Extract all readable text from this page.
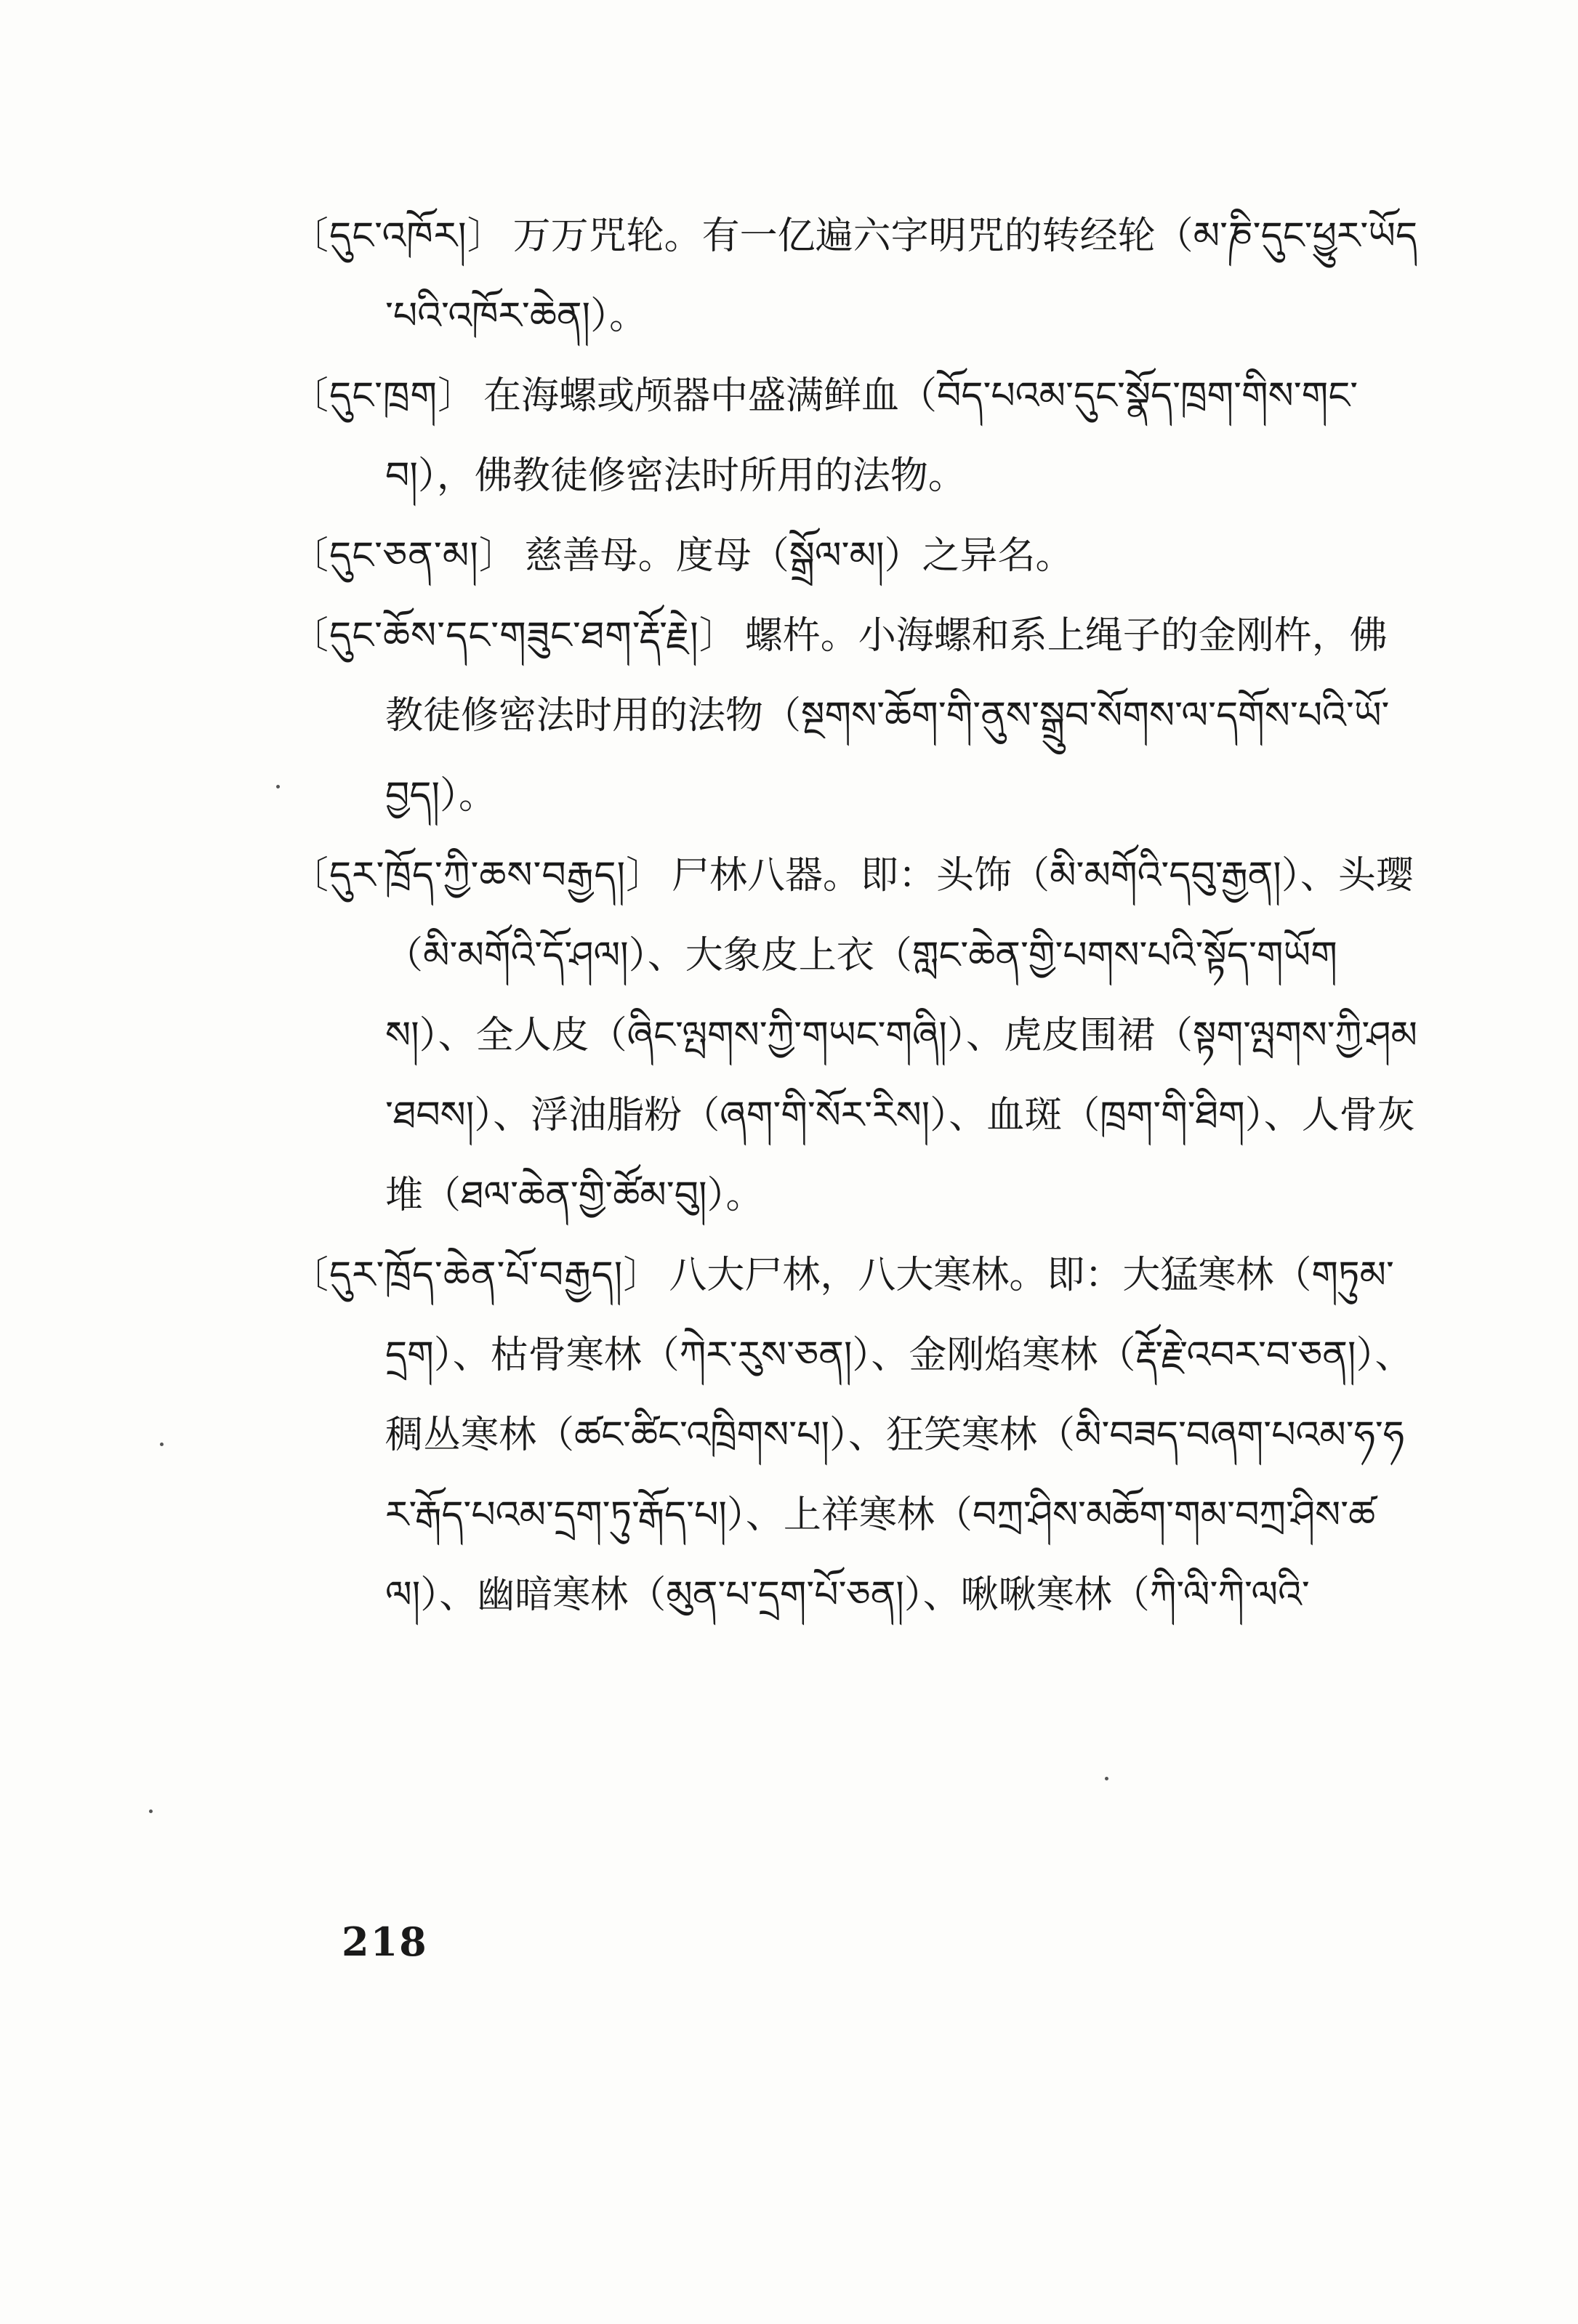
〔དུང་འཁོར།〕 万万咒轮。有一亿遍六字明咒的转经轮（མ་ཎི་དུང་ཕྱུར་ཡོད་པའི་འཁོར་ཆེན།）。

〔དུང་ཁྲག〕 在海螺或颅器中盛满鲜血（བོད་པའམ་དུང་སྣོད་ཁྲག་གིས་གང་བ།），佛教徒修密法时所用的法物。

〔དུང་ཅན་མ།〕 慈善母。度母（སྒྲོལ་མ།）之异名。

〔དུང་ཆོས་དང་གཟུང་ཐག་རྡོ་རྗེ།〕 螺杵。小海螺和系上绳子的金刚杵，佛教徒修密法时用的法物（སྔགས་ཆོག་གི་ནུས་སྒྲུབ་སོགས་ལ་དགོས་པའི་ཡོ་བྱད།）。

〔དུར་ཁྲོད་ཀྱི་ཆས་བརྒྱད།〕 尸林八器。即：头饰（མི་མགོའི་དབུ་རྒྱན།）、头璎（མི་མགོའི་དོ་ཤལ།）、大象皮上衣（གླང་ཆེན་གྱི་པགས་པའི་སྟོད་གཡོགས།）、全人皮（ཞིང་ལྤགས་ཀྱི་གཡང་གཞི།）、虎皮围裙（སྟག་ལྤགས་ཀྱི་ཤམ་ཐབས།）、浮油脂粉（ཞག་གི་སོར་རིས།）、血斑（ཁྲག་གི་ཐིག）、人骨灰堆（ཐལ་ཆེན་གྱི་ཚོམ་བུ།）。

〔དུར་ཁྲོད་ཆེན་པོ་བརྒྱད།〕 八大尸林，八大寒林。即：大猛寒林（གཏུམ་དྲག）、枯骨寒林（ཀེར་རུས་ཅན།）、金刚焰寒林（རྡོ་རྗེ་འབར་བ་ཅན།）、稠丛寒林（ཚང་ཚིང་འཁྲིགས་པ།）、狂笑寒林（མི་བཟད་བཞག་པའམ་ཧ་ཧར་རྒོད་པའམ་དྲག་ཏུ་རྒོད་པ།）、上祥寒林（བཀྲ་ཤིས་མཆོག་གམ་བཀྲ་ཤིས་ཚལ།）、幽暗寒林（མུན་པ་དྲག་པོ་ཅན།）、啾啾寒林（ཀི་ལི་ཀི་ལའི་

218
